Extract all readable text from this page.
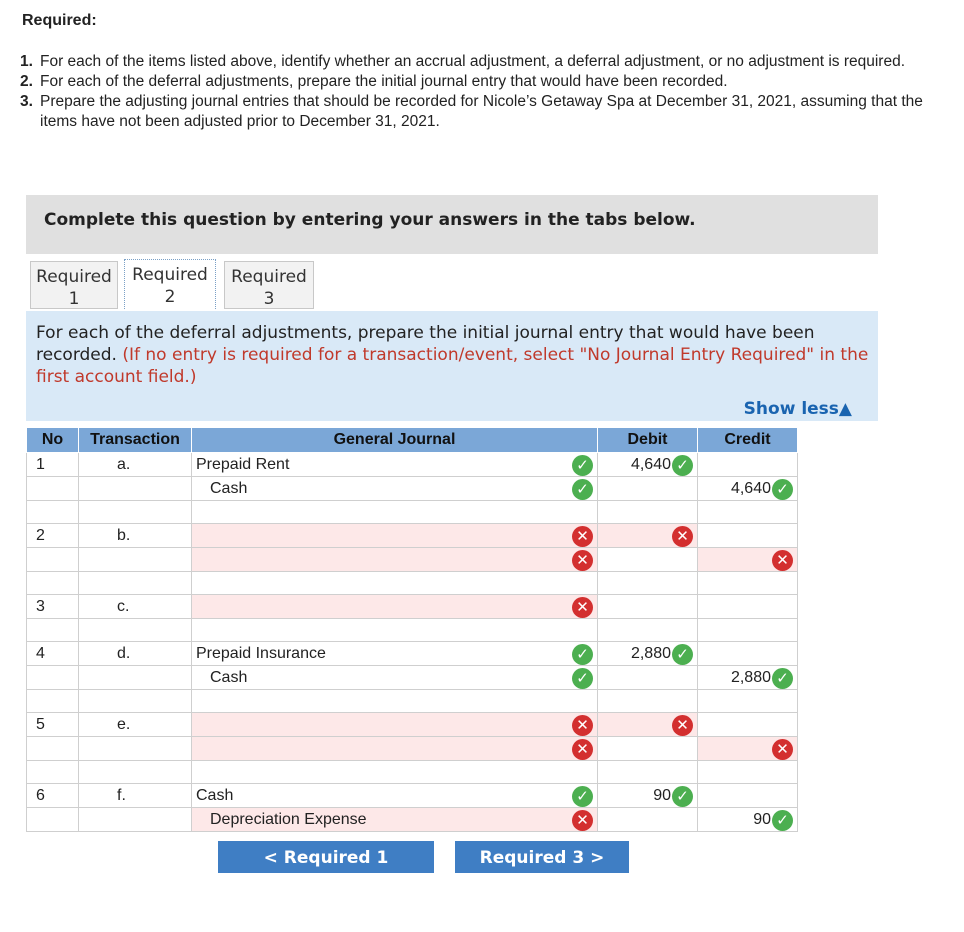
Required:
1. For each of the items listed above, identify whether an accrual adjustment, a deferral adjustment, or no adjustment is required.
2. For each of the deferral adjustments, prepare the initial journal entry that would have been recorded.
3. Prepare the adjusting journal entries that should be recorded for Nicole’s Getaway Spa at December 31, 2021, assuming that the items have not been adjusted prior to December 31, 2021.
Complete this question by entering your answers in the tabs below.
Required
1
Required
2
Required
3

For each of the deferral adjustments, prepare the initial journal entry that would have been recorded. (If no entry is required for a transaction/event, select "No Journal Entry Required" in the first account field.)

Show less▲
No	Transaction	General Journal	Debit	Credit
1	a.	Prepaid Rent ✓	4,640 ✓	

		Cash ✓		4,640 ✓

2	b.	✕	✕	

		✕		✕

3	c.	✕		

4	d.	Prepaid Insurance ✓	2,880 ✓	

		Cash ✓		2,880 ✓

5	e.	✕	✕	

		✕		✕

6	f.	Cash ✓	90 ✓	

		Depreciation Expense ✕		90 ✓
< Required 1	Required 3 >
